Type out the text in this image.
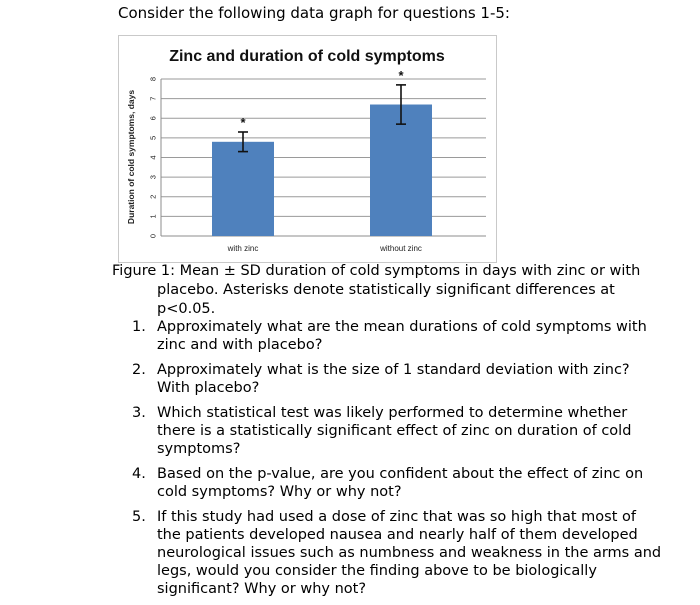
Consider the following data graph for questions 1-5:
Zinc and duration of cold symptoms
0
1
2
3
4
5
6
7
8
Duration of cold symptoms, days	*
with zinc
*
without zinc
Figure 1: Mean ± SD duration of cold symptoms in days with zinc or with
placebo. Asterisks denote statistically significant differences at p<0.05.
1. Approximately what are the mean durations of cold symptoms with zinc and with placebo?
2. Approximately what is the size of 1 standard deviation with zinc? With placebo?
3. Which statistical test was likely performed to determine whether there is a statistically significant effect of zinc on duration of cold symptoms?
4. Based on the p-value, are you confident about the effect of zinc on cold symptoms? Why or why not?
5. If this study had used a dose of zinc that was so high that most of the patients developed nausea and nearly half of them developed neurological issues such as numbness and weakness in the arms and legs, would you consider the finding above to be biologically significant? Why or why not?
